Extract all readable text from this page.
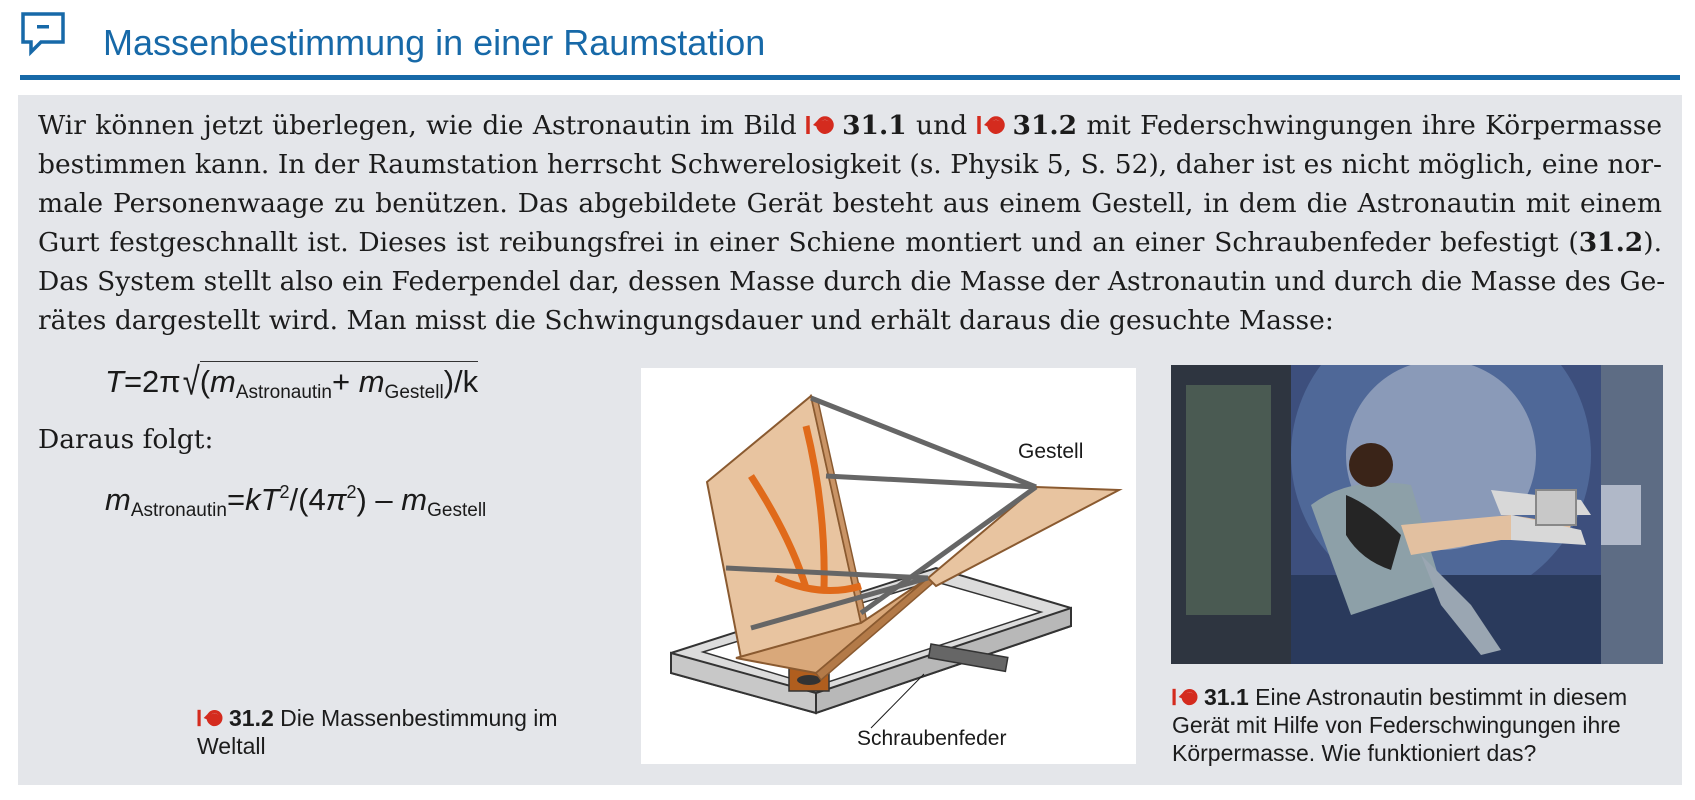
Massenbestimmung in einer Raumstation

Wir können jetzt überlegen, wie die Astronautin im Bild 31.1 und 31.2 mit Federschwingungen ihre Körpermasse
bestimmen kann. In der Raumstation herrscht Schwerelosigkeit (s. Physik 5, S. 52), daher ist es nicht möglich, eine nor-
male Personenwaage zu benützen. Das abgebildete Gerät besteht aus einem Gestell, in dem die Astronautin mit einem
Gurt festgeschnallt ist. Dieses ist reibungsfrei in einer Schiene montiert und an einer Schraubenfeder befestigt (31.2).
Das System stellt also ein Federpendel dar, dessen Masse durch die Masse der Astronautin und durch die Masse des Ge-
rätes dargestellt wird. Man misst die Schwingungsdauer und erhält daraus die gesuchte Masse:

$T=2\pi√(m_{Astronautin}+ m_{Gestell})/k$

Daraus folgt:

$m_{Astronautin}=kT^2/(4\pi^2) - m_{Gestell}$

31.2 Die Massenbestimmung im
Weltall

Gestell
Schraubenfeder

31.1 Eine Astronautin bestimmt in diesem
Gerät mit Hilfe von Federschwingungen ihre
Körpermasse. Wie funktioniert das?
